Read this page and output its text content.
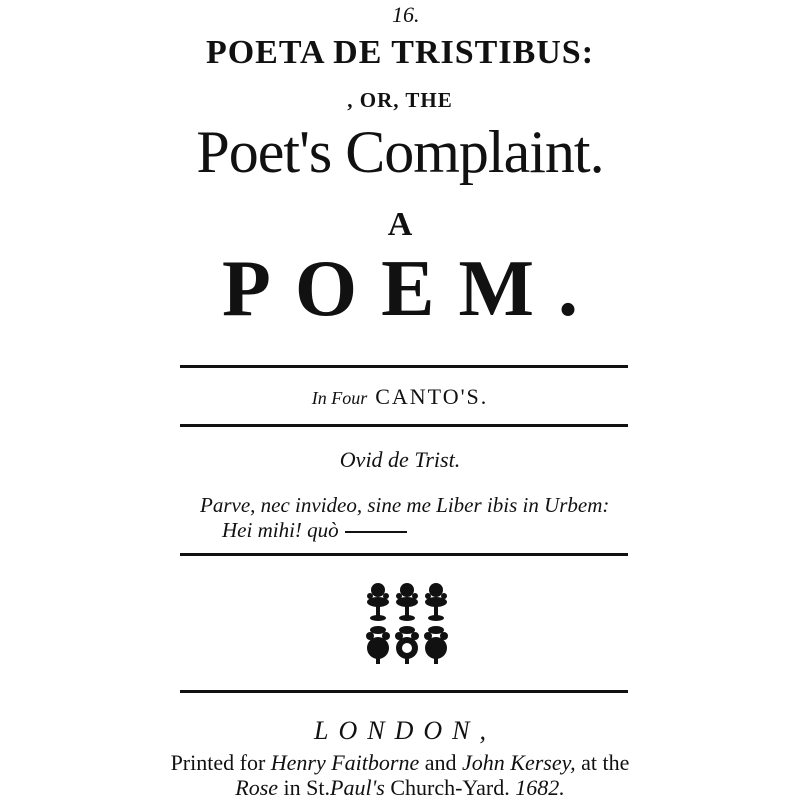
16.
POETA DE TRISTIBUS:
, OR, THE
Poet's Complaint.
A
POEM.
In Four CANTO'S.
Ovid de Trist.
Parve, nec invideo, sine me Liber ibis in Urbem:
Hei mihi! quò
LONDON,
Printed for Henry Faitborne and John Kersey, at the
Rose in St.Paul's Church-Yard. 1682.
